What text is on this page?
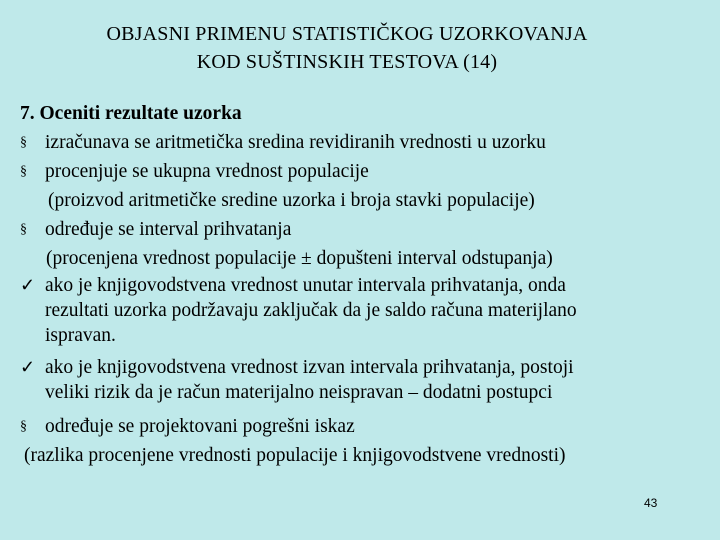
OBJASNI PRIMENU STATISTIČKOG UZORKOVANJA
KOD SUŠTINSKIH TESTOVA (14)
7. Oceniti rezultate uzorka
§ izračunava se aritmetička sredina revidiranih vrednosti u uzorku
§ procenjuje se ukupna vrednost populacije
(proizvod aritmetičke sredine uzorka i broja stavki populacije)
§ određuje se interval prihvatanja
(procenjena vrednost populacije ± dopušteni interval odstupanja)
✓ ako je knjigovodstvena vrednost unutar intervala prihvatanja, onda
rezultati uzorka podržavaju zaključak da je saldo računa materijlano
ispravan.
✓ ako je knjigovodstvena vrednost izvan intervala prihvatanja, postoji
veliki rizik da je račun materijalno neispravan – dodatni postupci
§ određuje se projektovani pogrešni iskaz
(razlika procenjene vrednosti populacije i knjigovodstvene vrednosti)
43
